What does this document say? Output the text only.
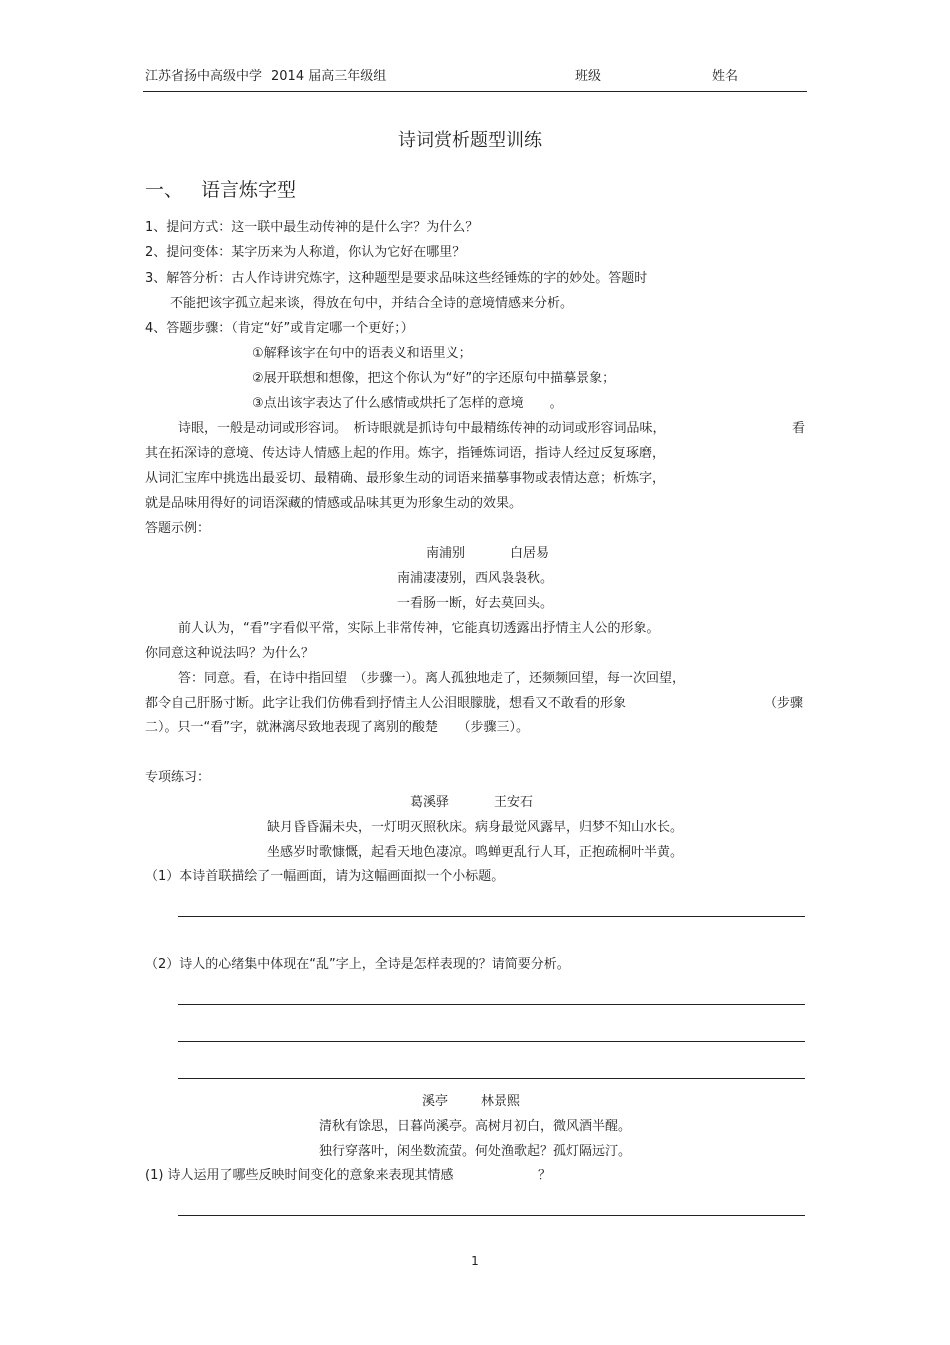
江苏省扬中高级中学 2014 届高三年级组	班级	姓名
诗词赏析题型训练
一、 语言炼字型
1、提问方式：这一联中最生动传神的是什么字？为什么？
2、提问变体：某字历来为人称道，你认为它好在哪里？
3、解答分析：古人作诗讲究炼字，这种题型是要求品味这些经锤炼的字的妙处。答题时
不能把该字孤立起来谈，得放在句中，并结合全诗的意境情感来分析。
4、答题步骤：（肯定“好”或肯定哪一个更好；）
①解释该字在句中的语表义和语里义；
②展开联想和想像，把这个你认为“好”的字还原句中描摹景象；
③点出该字表达了什么感情或烘托了怎样的意境　　。
诗眼，一般是动词或形容词。　析诗眼就是抓诗句中最精练传神的动词或形容词品味，	看
其在拓深诗的意境、传达诗人情感上起的作用。炼字，指锤炼词语，指诗人经过反复琢磨，
从词汇宝库中挑选出最妥切、最精确、最形象生动的词语来描摹事物或表情达意；析炼字，
就是品味用得好的词语深藏的情感或品味其更为形象生动的效果。
答题示例：
南浦别	白居易
南浦凄凄别，西风袅袅秋。
一看肠一断，好去莫回头。
前人认为，“看”字看似平常，实际上非常传神，它能真切透露出抒情主人公的形象。
你同意这种说法吗？为什么？
答：同意。看，在诗中指回望　（步骤一）。离人孤独地走了，还频频回望，每一次回望，
都令自己肝肠寸断。此字让我们仿佛看到抒情主人公泪眼朦胧，想看又不敢看的形象	（步骤
二）。只一“看”字，就淋漓尽致地表现了离别的酸楚　　（步骤三）。
专项练习：
葛溪驿	王安石
缺月昏昏漏未央，一灯明灭照秋床。病身最觉风露早，归梦不知山水长。
坐感岁时歌慷慨，起看天地色凄凉。鸣蝉更乱行人耳，正抱疏桐叶半黄。
（1）本诗首联描绘了一幅画面，请为这幅画面拟一个小标题。
（2）诗人的心绪集中体现在“乱”字上，全诗是怎样表现的？请简要分析。
溪亭	林景熙
清秋有馀思，日暮尚溪亭。高树月初白，微风酒半醒。
独行穿落叶，闲坐数流萤。何处渔歌起？孤灯隔远汀。
(1) 诗人运用了哪些反映时间变化的意象来表现其情感	？
1
